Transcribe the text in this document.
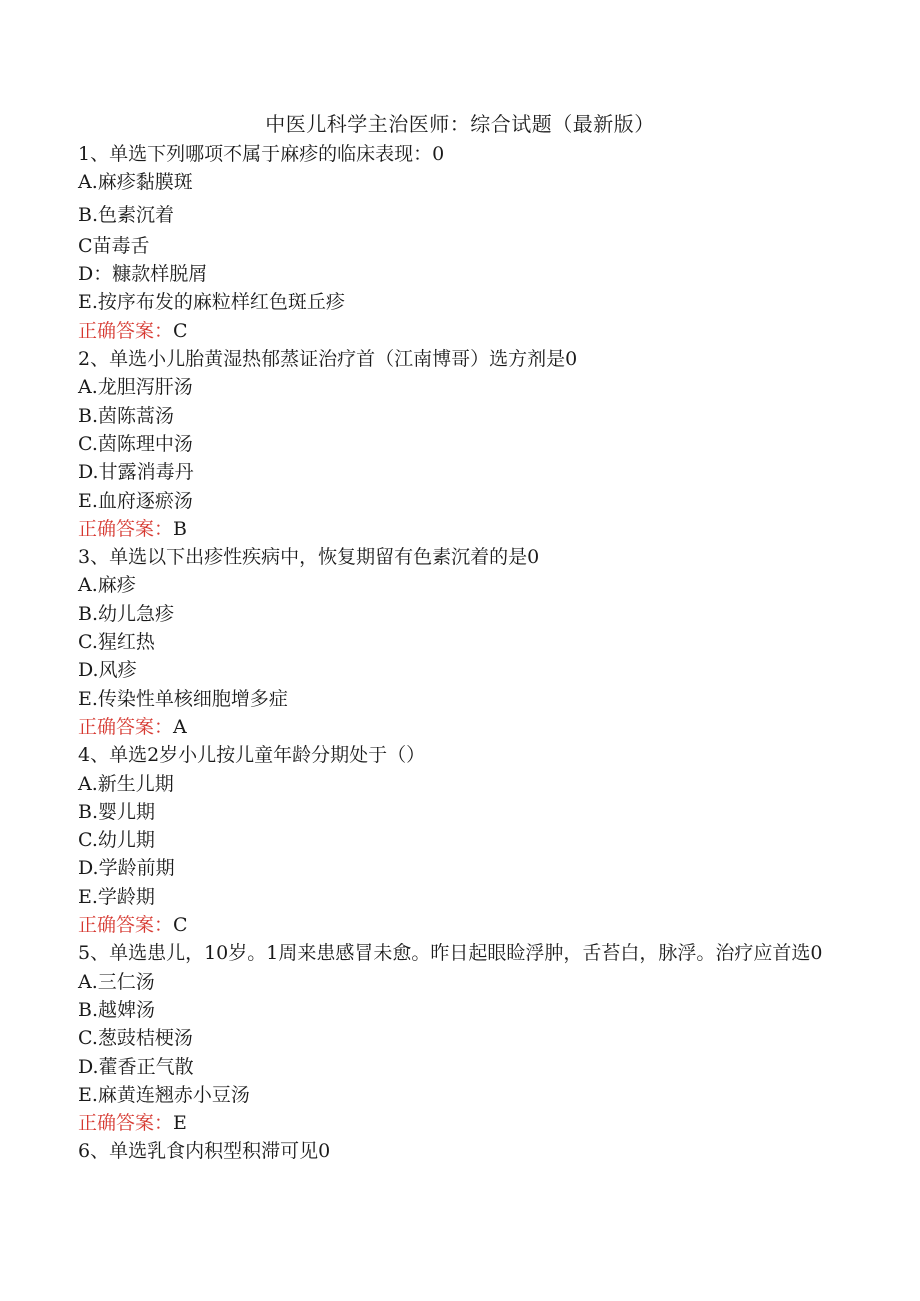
中医儿科学主治医师：综合试题（最新版）
1、单选下列哪项不属于麻疹的临床表现：0
A.麻疹黏膜斑
B.色素沉着
C苗毒舌
D：糠款样脱屑
E.按序布发的麻粒样红色斑丘疹
正确答案：C
2、单选小儿胎黄湿热郁蒸证治疗首（江南博哥）选方剂是0
A.龙胆泻肝汤
B.茵陈蒿汤
C.茵陈理中汤
D.甘露消毒丹
E.血府逐瘀汤
正确答案：B
3、单选以下出疹性疾病中，恢复期留有色素沉着的是0
A.麻疹
B.幼儿急疹
C.猩红热
D.风疹
E.传染性单核细胞增多症
正确答案：A
4、单选2岁小儿按儿童年龄分期处于（）
A.新生儿期
B.婴儿期
C.幼儿期
D.学龄前期
E.学龄期
正确答案：C
5、单选患儿，10岁。1周来患感冒未愈。昨日起眼睑浮肿，舌苔白，脉浮。治疗应首选0
A.三仁汤
B.越婢汤
C.葱豉桔梗汤
D.藿香正气散
E.麻黄连翘赤小豆汤
正确答案：E
6、单选乳食内积型积滞可见0
